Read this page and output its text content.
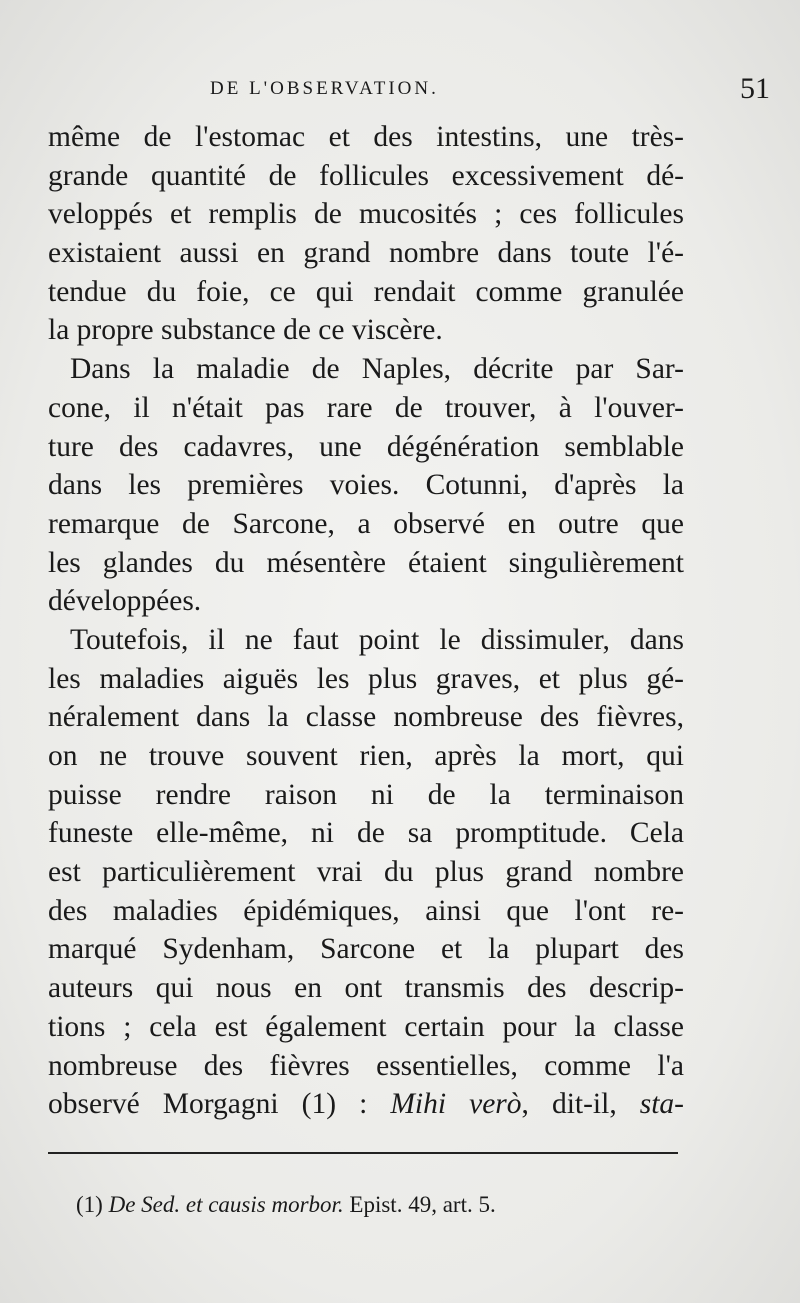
DE L'OBSERVATION.	51
même de l'estomac et des intestins, une très-
grande quantité de follicules excessivement dé-
veloppés et remplis de mucosités ; ces follicules
existaient aussi en grand nombre dans toute l'é-
tendue du foie, ce qui rendait comme granulée
la propre substance de ce viscère.
Dans la maladie de Naples, décrite par Sar-
cone, il n'était pas rare de trouver, à l'ouver-
ture des cadavres, une dégénération semblable
dans les premières voies. Cotunni, d'après la
remarque de Sarcone, a observé en outre que
les glandes du mésentère étaient singulièrement
développées.
Toutefois, il ne faut point le dissimuler, dans
les maladies aiguës les plus graves, et plus gé-
néralement dans la classe nombreuse des fièvres,
on ne trouve souvent rien, après la mort, qui
puisse rendre raison ni de la terminaison
funeste elle-même, ni de sa promptitude. Cela
est particulièrement vrai du plus grand nombre
des maladies épidémiques, ainsi que l'ont re-
marqué Sydenham, Sarcone et la plupart des
auteurs qui nous en ont transmis des descrip-
tions ; cela est également certain pour la classe
nombreuse des fièvres essentielles, comme l'a
observé Morgagni (1) : Mihi verò, dit-il, sta-
(1) De Sed. et causis morbor. Epist. 49, art. 5.
